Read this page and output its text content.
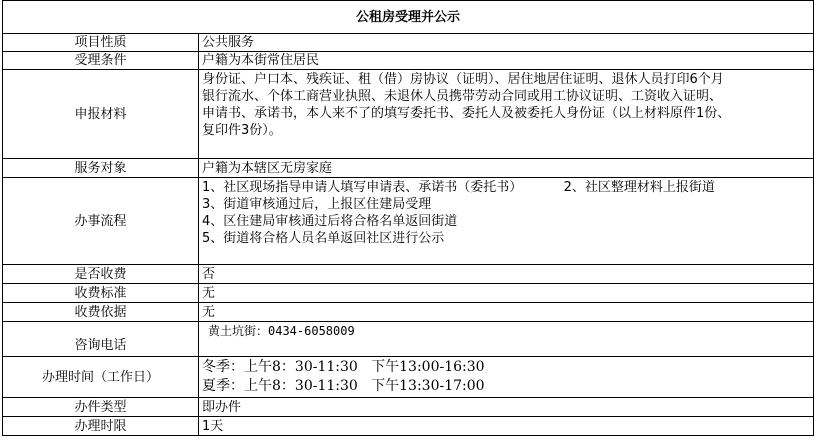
公租房受理并公示	
项目性质	公共服务
受理条件	户籍为本街常住居民
申报材料	身份证、户口本、残疾证、租（借）房协议（证明）、居住地居住证明、退休人员打印6个月
银行流水、个体工商营业执照、未退休人员携带劳动合同或用工协议证明、工资收入证明、
申请书、承诺书，本人来不了的填写委托书、委托人及被委托人身份证（以上材料原件1份、
复印件3份）。

服务对象	户籍为本辖区无房家庭
办事流程	1、社区现场指导申请人填写申请表、承诺书（委托书）          2、社区整理材料上报街道
3、街道审核通过后，上报区住建局受理
4、区住建局审核通过后将合格名单返回街道
5、街道将合格人员名单返回社区进行公示

是否收费	否
收费标准	无
收费依据	无
咨询电话	黄土坑街：0434-6058009

办理时间（工作日）	冬季：上午8：30-11:30   下午13:00-16:30
夏季：上午8：30-11:30   下午13:30-17:00

办件类型	即办件
办理时限	1天
